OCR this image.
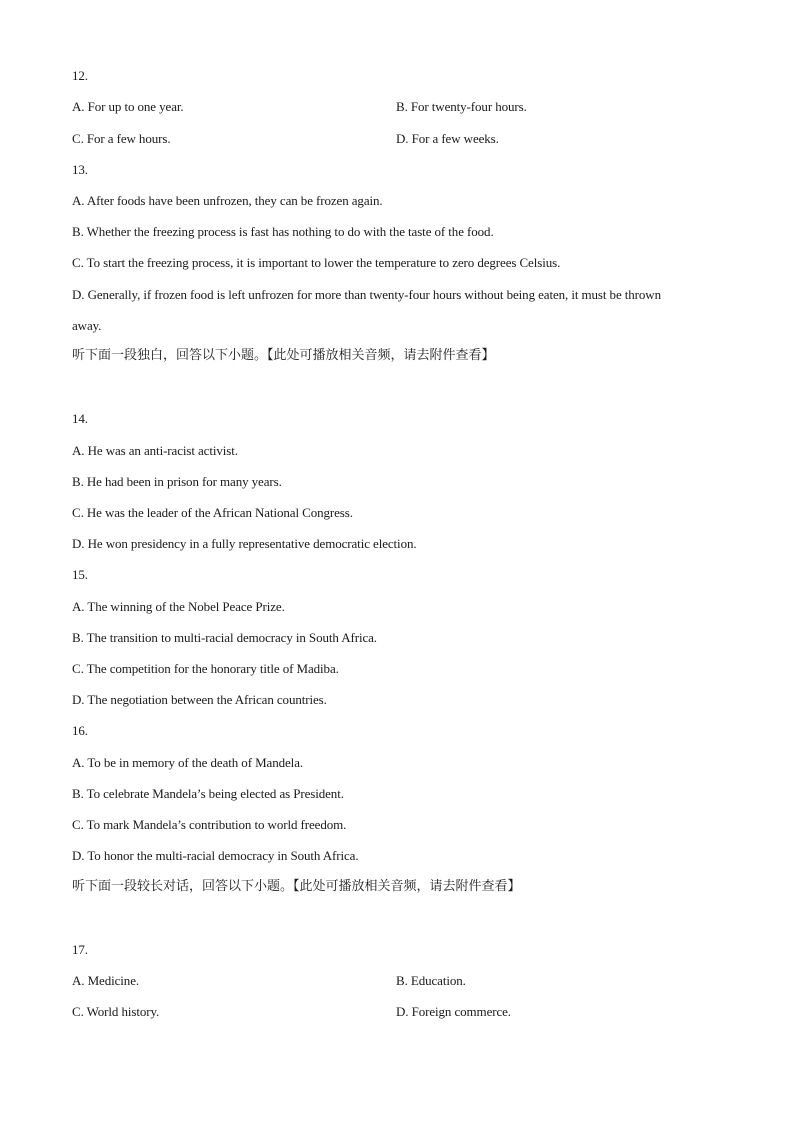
12.
A. For up to one year.	B. For twenty-four hours.
C. For a few hours.	D. For a few weeks.
13.
A. After foods have been unfrozen, they can be frozen again.
B. Whether the freezing process is fast has nothing to do with the taste of the food.
C. To start the freezing process, it is important to lower the temperature to zero degrees Celsius.
D. Generally, if frozen food is left unfrozen for more than twenty-four hours without being eaten, it must be thrown
away.
听下面一段独白，回答以下小题。【此处可播放相关音频，请去附件查看】
14.
A. He was an anti-racist activist.
B. He had been in prison for many years.
C. He was the leader of the African National Congress.
D. He won presidency in a fully representative democratic election.
15.
A. The winning of the Nobel Peace Prize.
B. The transition to multi-racial democracy in South Africa.
C. The competition for the honorary title of Madiba.
D. The negotiation between the African countries.
16.
A. To be in memory of the death of Mandela.
B. To celebrate Mandela’s being elected as President.
C. To mark Mandela’s contribution to world freedom.
D. To honor the multi-racial democracy in South Africa.
听下面一段较长对话，回答以下小题。【此处可播放相关音频，请去附件查看】
17.
A. Medicine.	B. Education.
C. World history.	D. Foreign commerce.
